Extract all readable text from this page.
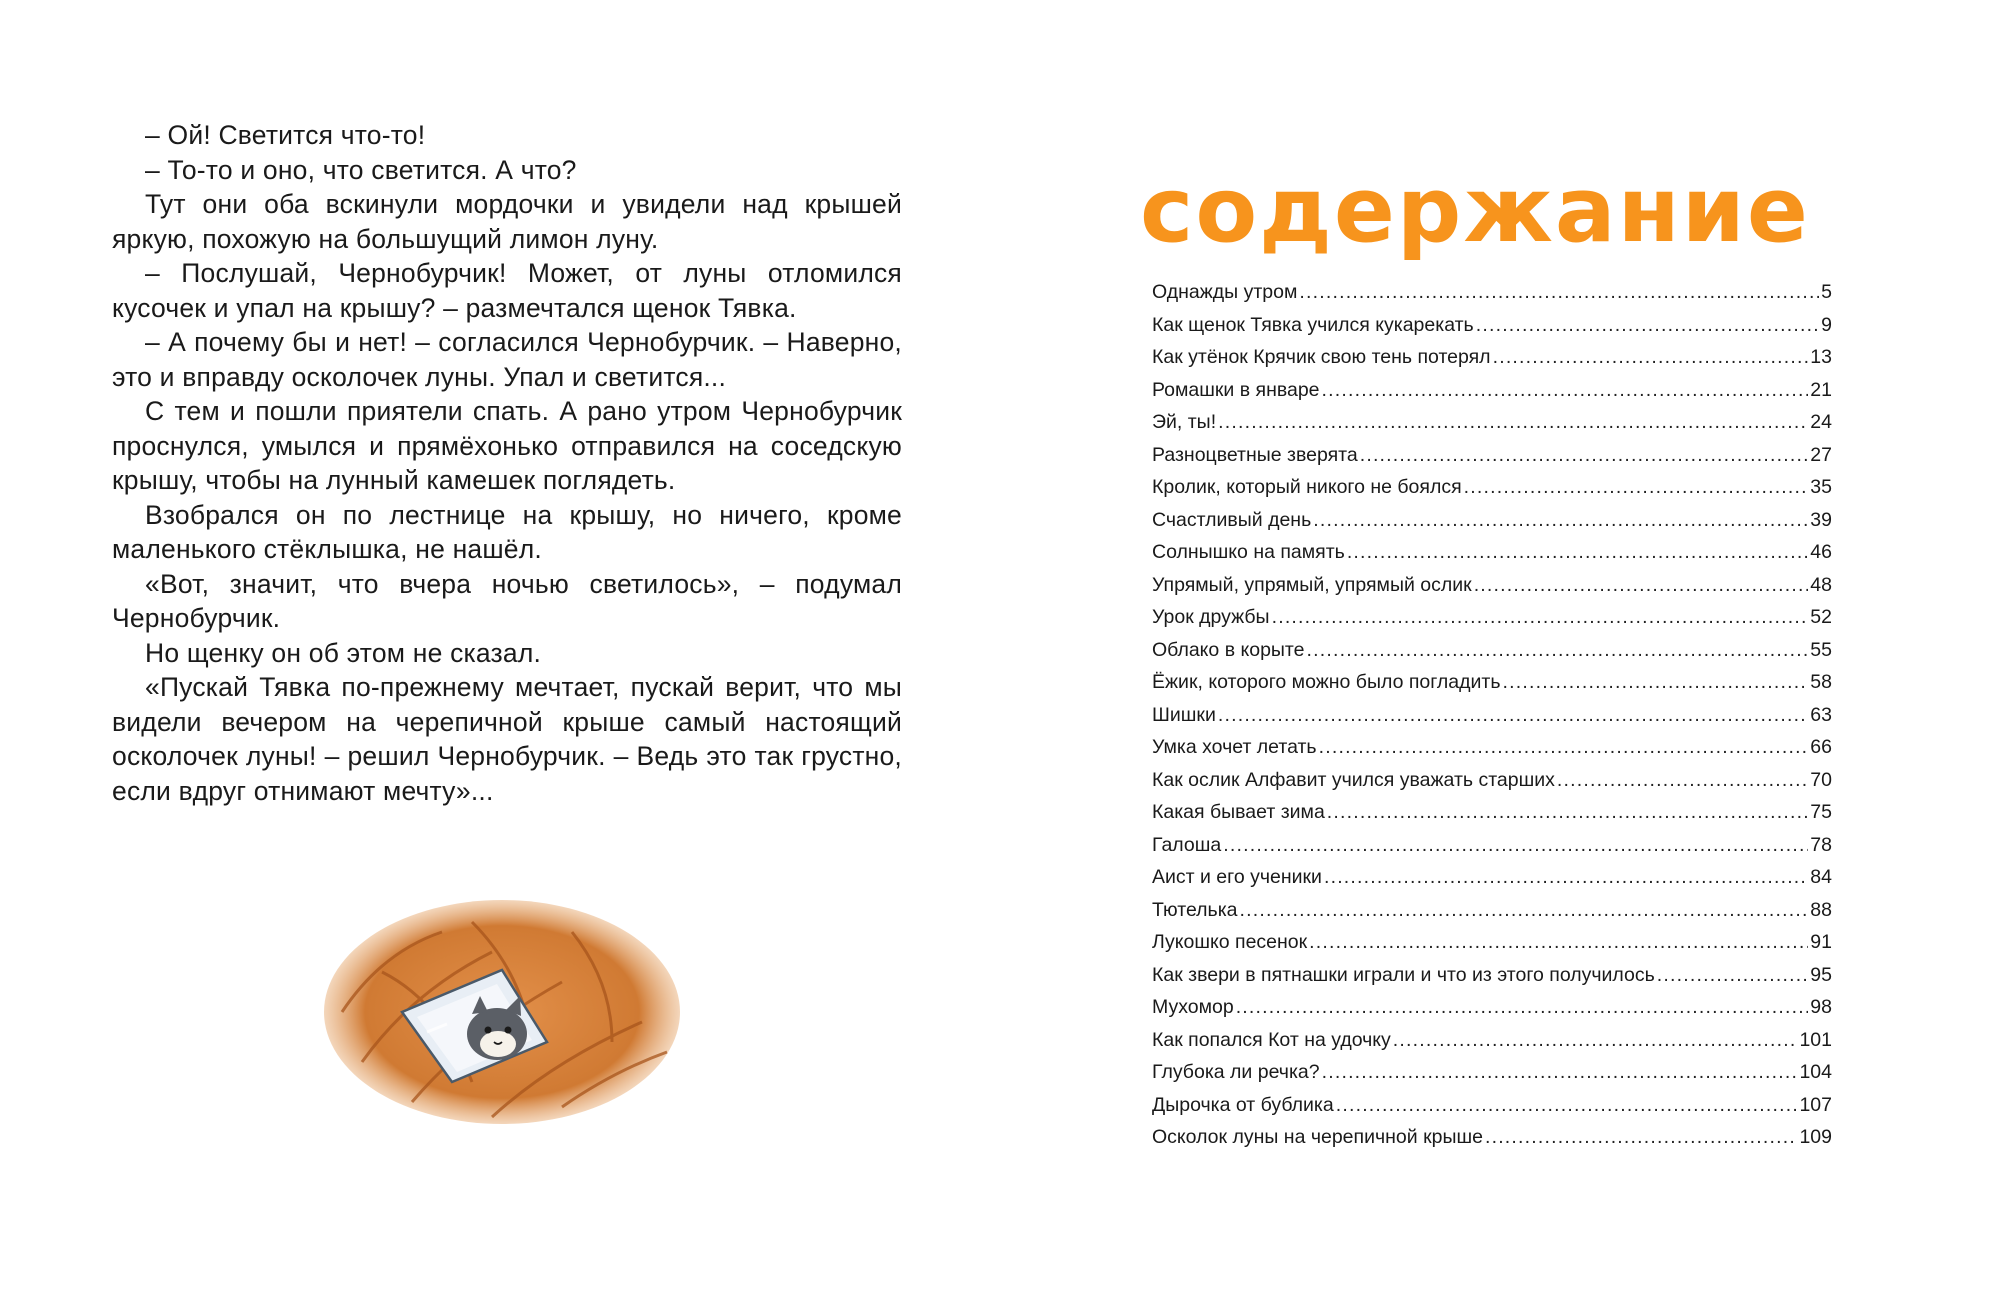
– Ой! Светится что-то!

– То-то и оно, что светится. А что?

Тут они оба вскинули мордочки и увидели над крышей яркую, похожую на большущий лимон луну.

– Послушай, Чернобурчик! Может, от луны отломился кусочек и упал на крышу? – размечтался щенок Тявка.

– А почему бы и нет! – согласился Чернобурчик. – Наверно, это и вправду осколочек луны. Упал и светится...

С тем и пошли приятели спать. А рано утром Чернобурчик проснулся, умылся и прямёхонько отправился на соседскую крышу, чтобы на лунный камешек поглядеть.

Взобрался он по лестнице на крышу, но ничего, кроме маленького стёклышка, не нашёл.

«Вот, значит, что вчера ночью светилось», – подумал Чернобурчик.

Но щенку он об этом не сказал.

«Пускай Тявка по-прежнему мечтает, пускай верит, что мы видели вечером на черепичной крыше самый настоящий осколочек луны! – решил Чернобурчик. – Ведь это так грустно, если вдруг отнимают мечту»...

содержание
Однажды утром .....	5
Как щенок Тявка учился кукарекать .....	9
Как утёнок Крячик свою тень потерял .....	13
Ромашки в январе .....	21
Эй, ты! .....	24
Разноцветные зверята .....	27
Кролик, который никого не боялся .....	35
Счастливый день .....	39
Солнышко на память .....	46
Упрямый, упрямый, упрямый ослик .....	48
Урок дружбы .....	52
Облако в корыте .....	55
Ёжик, которого можно было погладить .....	58
Шишки .....	63
Умка хочет летать .....	66
Как ослик Алфавит учился уважать старших .....	70
Какая бывает зима .....	75
Галоша .....	78
Аист и его ученики .....	84
Тютелька .....	88
Лукошко песенок .....	91
Как звери в пятнашки играли и что из этого получилось .....	95
Мухомор .....	98
Как попался Кот на удочку .....	101
Глубока ли речка? .....	104
Дырочка от бублика .....	107
Осколок луны на черепичной крыше .....	109
